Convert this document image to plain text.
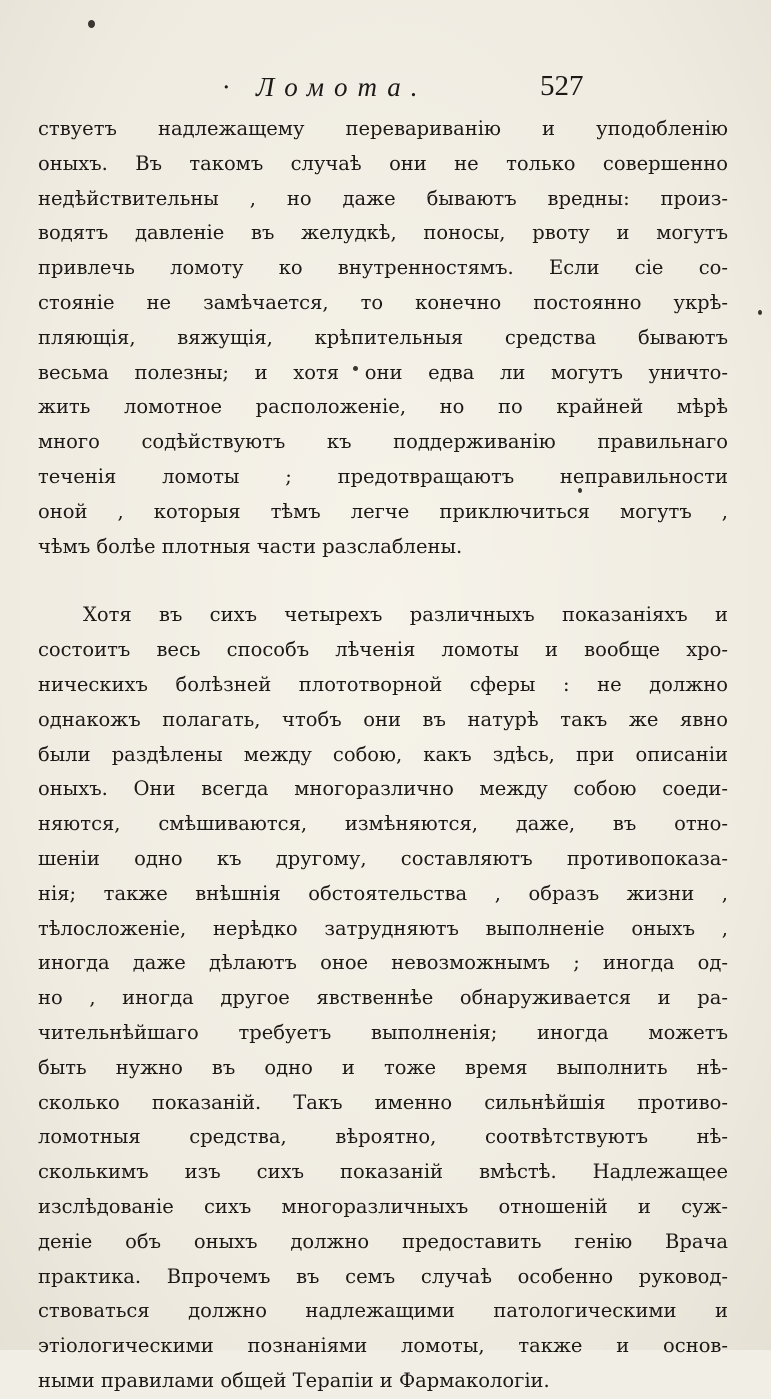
· Ломота.	527
ствуетъ надлежащему перевариванію и уподобленію
оныхъ. Въ такомъ случаѣ они не только совершенно
недѣйствительны , но даже бываютъ вредны: произ-
водятъ давленіе въ желудкѣ, поносы, рвоту и могутъ
привлечь ломоту ко внутренностямъ. Если сіе со-
стояніе не замѣчается, то конечно постоянно укрѣ-
пляющія, вяжущія, крѣпительныя средства бываютъ
весьма полезны; и хотя они едва ли могутъ уничто-
жить ломотное расположеніе, но по крайней мѣрѣ
много содѣйствуютъ къ поддерживанію правильнаго
теченія ломоты ; предотвращаютъ неправильности
оной , которыя тѣмъ легче приключиться могутъ ,
чѣмъ болѣе плотныя части разслаблены.
Хотя въ сихъ четырехъ различныхъ показаніяхъ и
состоитъ весь способъ лѣченія ломоты и вообще хро-
ническихъ болѣзней плототворной сферы : не должно
однакожъ полагать, чтобъ они въ натурѣ такъ же явно
были раздѣлены между собою, какъ здѣсь, при описаніи
оныхъ. Они всегда многоразлично между собою соеди-
няются, смѣшиваются, измѣняются, даже, въ отно-
шеніи одно къ другому, составляютъ противопоказа-
нія; также внѣшнія обстоятельства , образъ жизни ,
тѣлосложеніе, нерѣдко затрудняютъ выполненіе оныхъ ,
иногда даже дѣлаютъ оное невозможнымъ ; иногда од-
но , иногда другое явственнѣе обнаруживается и ра-
чительнѣйшаго требуетъ выполненія; иногда можетъ
быть нужно въ одно и тоже время выполнить нѣ-
сколько показаній. Такъ именно сильнѣйшія противо-
ломотныя средства, вѣроятно, соотвѣтствуютъ нѣ-
сколькимъ изъ сихъ показаній вмѣстѣ. Надлежащее
изслѣдованіе сихъ многоразличныхъ отношеній и суж-
деніе объ оныхъ должно предоставить генію Врача
практика. Впрочемъ въ семъ случаѣ особенно руковод-
ствоваться должно надлежащими патологическими и
этіологическими познаніями ломоты, также и основ-
ными правилами общей Терапіи и Фармакологіи.
